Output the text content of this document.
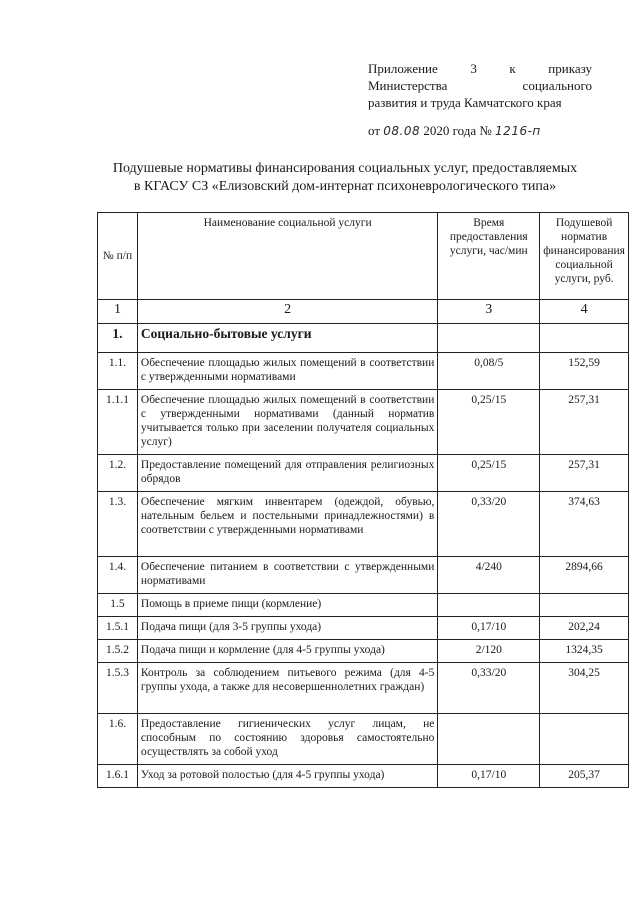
Приложение	3	к	приказу
Министерства	социального
развития и труда Камчатского края
от 08.08 2020 года № 1216-п
Подушевые нормативы финансирования социальных услуг, предоставляемых
в КГАСУ СЗ «Елизовский дом-интернат психоневрологического типа»
№ п/п	Наименование социальной услуги	Время предоставления услуги, час/мин	Подушевой норматив финансирования социальной услуги, руб.
1	2	3	4
1.	Социально-бытовые услуги		
1.1.	Обеспечение площадью жилых помещений в соответствии с утвержденными нормативами	0,08/5	152,59
1.1.1	Обеспечение площадью жилых помещений в соответствии с утвержденными нормативами (данный норматив учитывается только при заселении получателя социальных услуг)	0,25/15	257,31
1.2.	Предоставление помещений для отправления религиозных обрядов	0,25/15	257,31
1.3.	Обеспечение мягким инвентарем (одеждой, обувью, нательным бельем и постельными принадлежностями) в соответствии с утвержденными нормативами	0,33/20	374,63
1.4.	Обеспечение питанием в соответствии с утвержденными нормативами	4/240	2894,66
1.5	Помощь в приеме пищи (кормление)		
1.5.1	Подача пищи (для 3-5 группы ухода)	0,17/10	202,24
1.5.2	Подача пищи и кормление (для 4-5 группы ухода)	2/120	1324,35
1.5.3	Контроль за соблюдением питьевого режима (для 4-5 группы ухода, а также для несовершеннолетних граждан)	0,33/20	304,25
1.6.	Предоставление гигиенических услуг лицам, не способным по состоянию здоровья самостоятельно осуществлять за собой уход		
1.6.1	Уход за ротовой полостью (для 4-5 группы ухода)	0,17/10	205,37
